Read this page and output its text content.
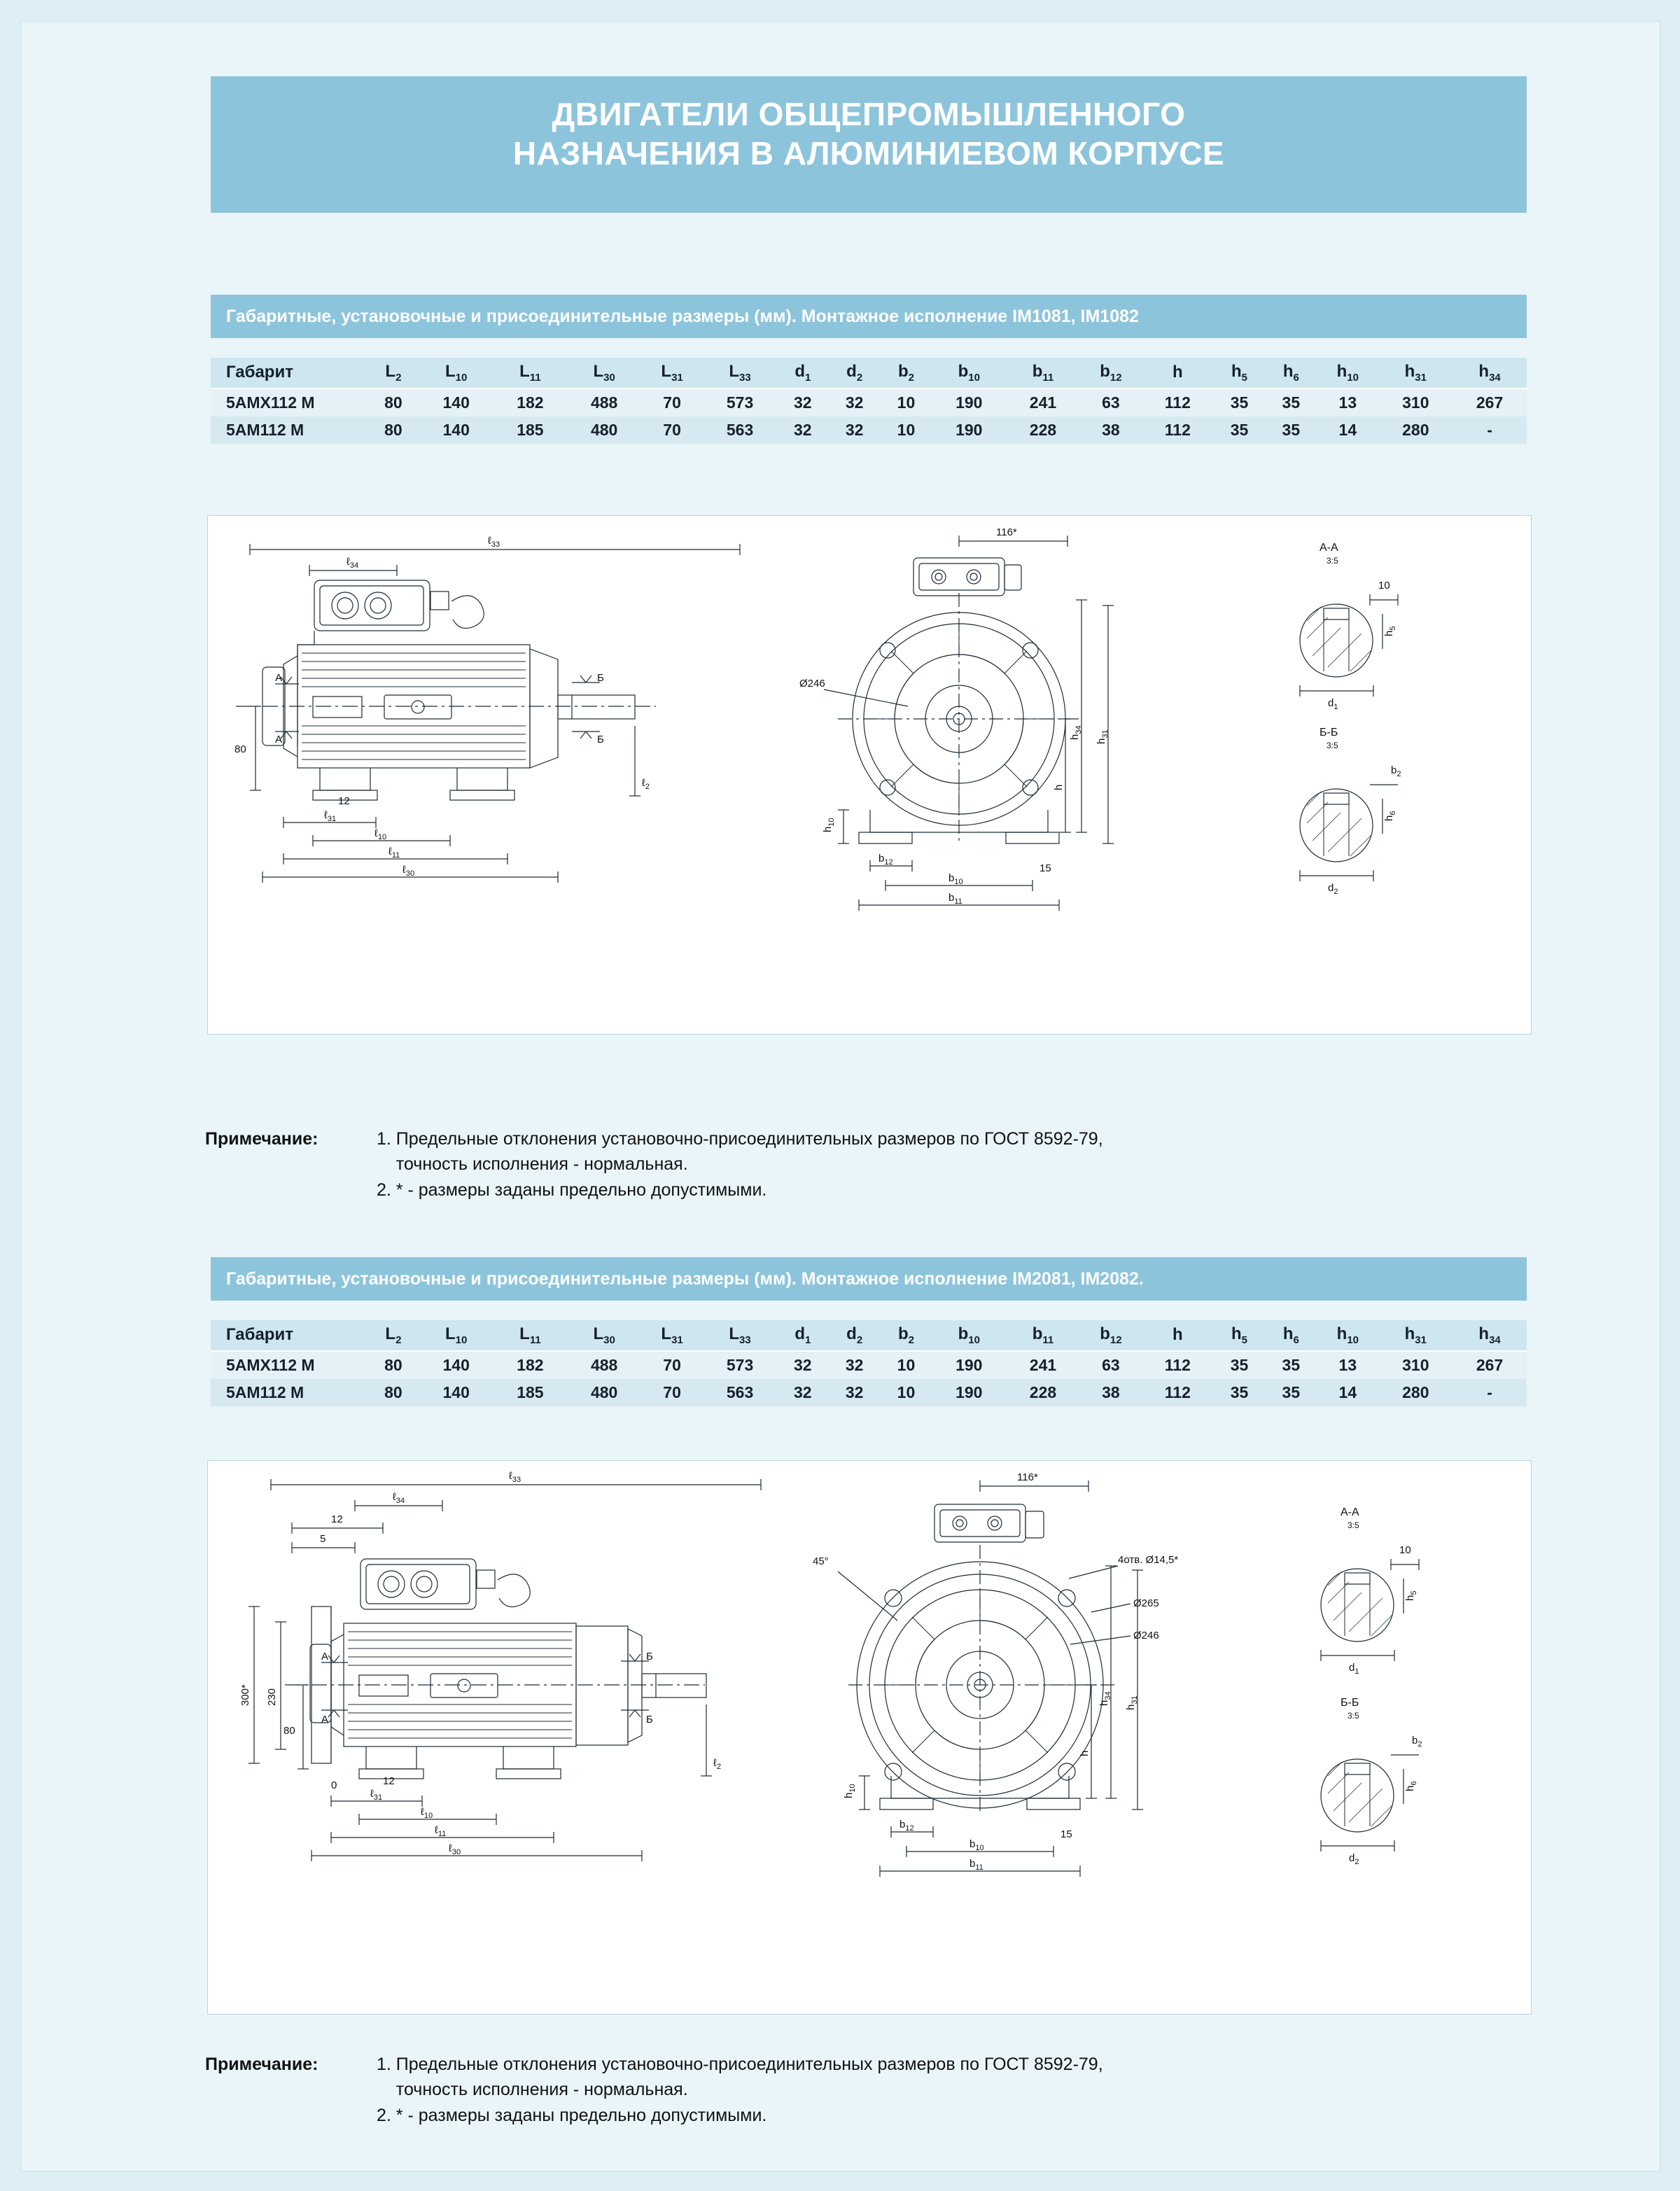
ДВИГАТЕЛИ ОБЩЕПРОМЫШЛЕННОГО
НАЗНАЧЕНИЯ В АЛЮМИНИЕВОМ КОРПУСЕ
Габаритные, установочные и присоединительные размеры (мм). Монтажное исполнение IM1081, IM1082
Габарит	$L_2$	$L_{10}$	$L_{11}$	$L_{30}$	$L_{31}$	$L_{33}$	$d_1$	$d_2$	$b_2$	$b_{10}$	$b_{11}$	$b_{12}$	h	$h_5$	$h_6$	$h_{10}$	$h_{31}$	$h_{34}$
5АМХ112 М	80	140	182	488	70	573	32	32	10	190	241	63	112	35	35	13	310	267
5АМ112 М	80	140	185	480	70	563	32	32	10	190	228	38	112	35	35	14	280	-
ℓ$_{33}$
ℓ$_{34}$
ℓ$_{31}$
ℓ$_{10}$
ℓ$_{11}$
ℓ$_{30}$
ℓ$_2$
80
12
А
А
Б
Б
116*
Ø246
$h_{10}$
$h_{34}$
$h_{31}$
h
$b_{12}$
$b_{10}$
$b_{11}$
15
А-А
3:5
10
$h_5$
$d_1$
Б-Б
3:5
$b_2$
$h_6$
$d_2$
Примечание:	1. Предельные отклонения установочно-присоединительных размеров по ГОСТ 8592-79,
точность исполнения - нормальная.
2. * - размеры заданы предельно допустимыми.
Габаритные, установочные и присоединительные размеры (мм). Монтажное исполнение IM2081, IM2082.
Габарит	$L_2$	$L_{10}$	$L_{11}$	$L_{30}$	$L_{31}$	$L_{33}$	$d_1$	$d_2$	$b_2$	$b_{10}$	$b_{11}$	$b_{12}$	h	$h_5$	$h_6$	$h_{10}$	$h_{31}$	$h_{34}$
5АМХ112 М	80	140	182	488	70	573	32	32	10	190	241	63	112	35	35	13	310	267
5АМ112 М	80	140	185	480	70	563	32	32	10	190	228	38	112	35	35	14	280	-
ℓ$_{33}$
ℓ$_{34}$
12
5
300* 230
80
0	12
ℓ$_{31}$
ℓ$_{10}$
ℓ$_{11}$
ℓ$_{30}$
ℓ$_2$
А
А
Б
Б
45°
116*
4отв. Ø14,5*
Ø265
Ø246
$h_{10}$
$h_{34}$
$h_{31}$
h
$b_{12}$
$b_{10}$
$b_{11}$
15
А-А
3:5
10
$h_5$
$d_1$
Б-Б
3:5
$b_2$
$h_6$
$d_2$
Примечание:	1. Предельные отклонения установочно-присоединительных размеров по ГОСТ 8592-79,
точность исполнения - нормальная.
2. * - размеры заданы предельно допустимыми.
